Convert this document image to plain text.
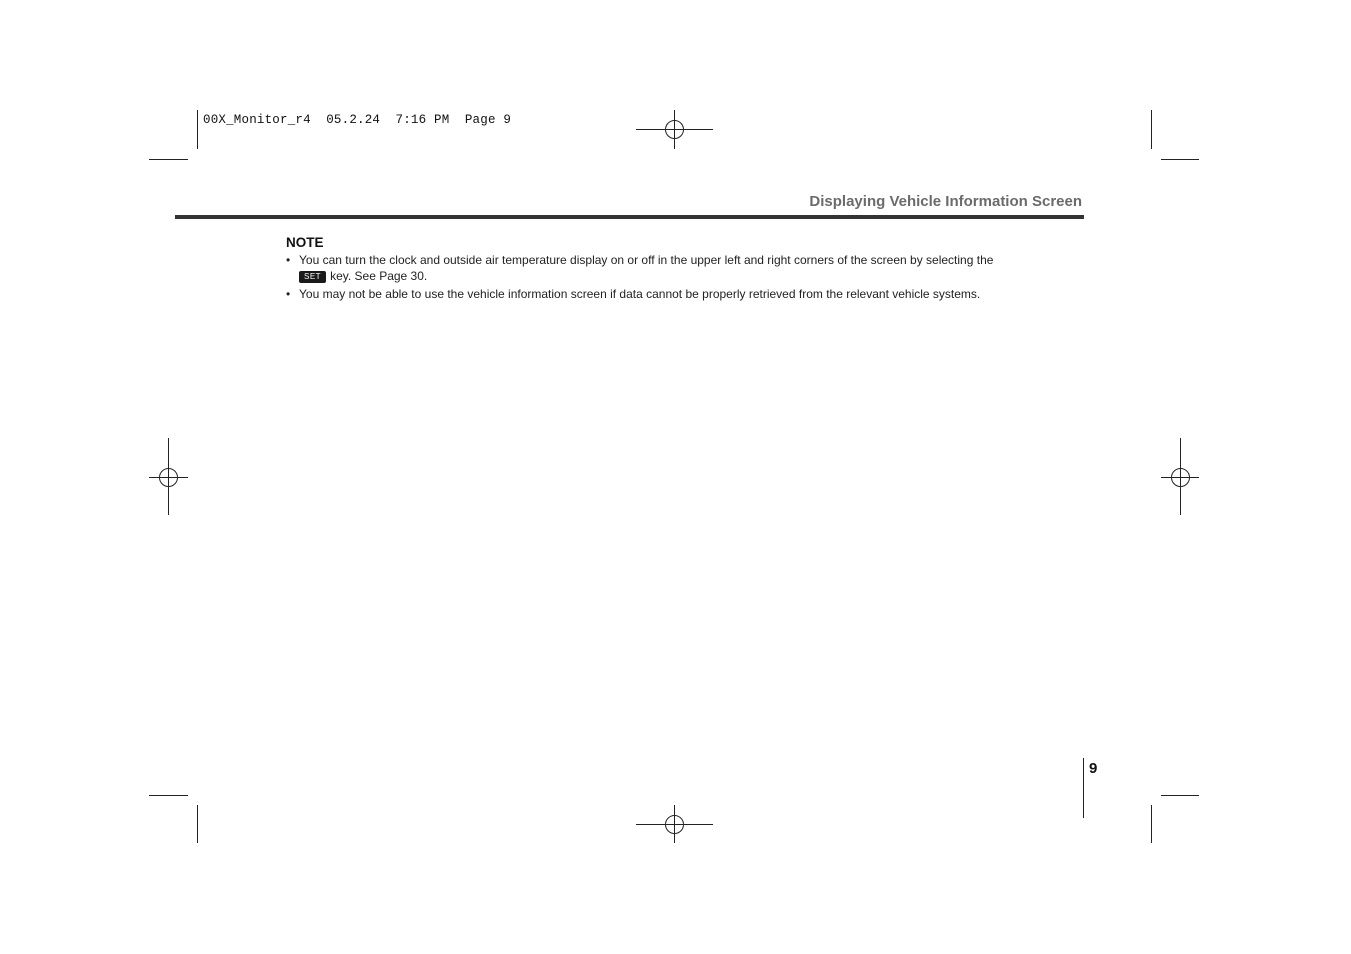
00X_Monitor_r4  05.2.24  7:16 PM  Page 9
Displaying Vehicle Information Screen
NOTE
• You can turn the clock and outside air temperature display on or off in the upper left and right corners of the screen by selecting the
SET key. See Page 30.
• You may not be able to use the vehicle information screen if data cannot be properly retrieved from the relevant vehicle systems.
9
